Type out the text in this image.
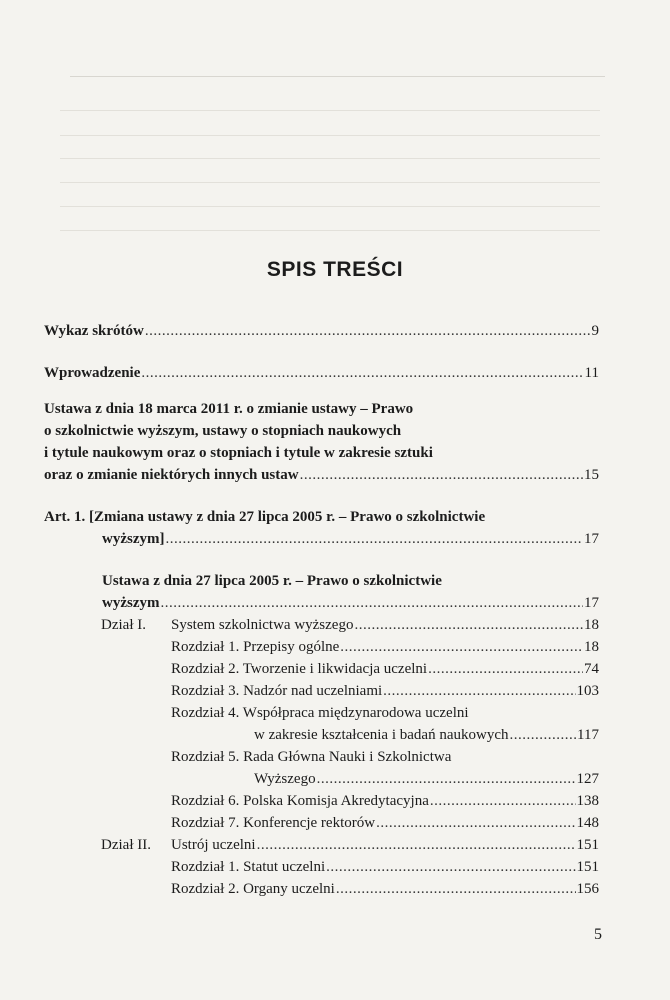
SPIS TREŚCI
Wykaz skrótów .....	9
Wprowadzenie .....	11
Ustawa z dnia 18 marca 2011 r. o zmianie ustawy – Prawo
o szkolnictwie wyższym, ustawy o stopniach naukowych
i tytule naukowym oraz o stopniach i tytule w zakresie sztuki
oraz o zmianie niektórych innych ustaw .....	15
Art. 1. [Zmiana ustawy z dnia 27 lipca 2005 r. – Prawo o szkolnictwie
wyższym] .....	17
Ustawa z dnia 27 lipca 2005 r. – Prawo o szkolnictwie
wyższym .....	17
Dział I. System szkolnictwa wyższego .....	18
Rozdział 1. Przepisy ogólne .....	18
Rozdział 2. Tworzenie i likwidacja uczelni .....	74
Rozdział 3. Nadzór nad uczelniami .....	103
Rozdział 4. Współpraca międzynarodowa uczelni
w zakresie kształcenia i badań naukowych .....	117
Rozdział 5. Rada Główna Nauki i Szkolnictwa
Wyższego .....	127
Rozdział 6. Polska Komisja Akredytacyjna .....	138
Rozdział 7. Konferencje rektorów .....	148
Dział II. Ustrój uczelni .....	151
Rozdział 1. Statut uczelni .....	151
Rozdział 2. Organy uczelni .....	156
5
